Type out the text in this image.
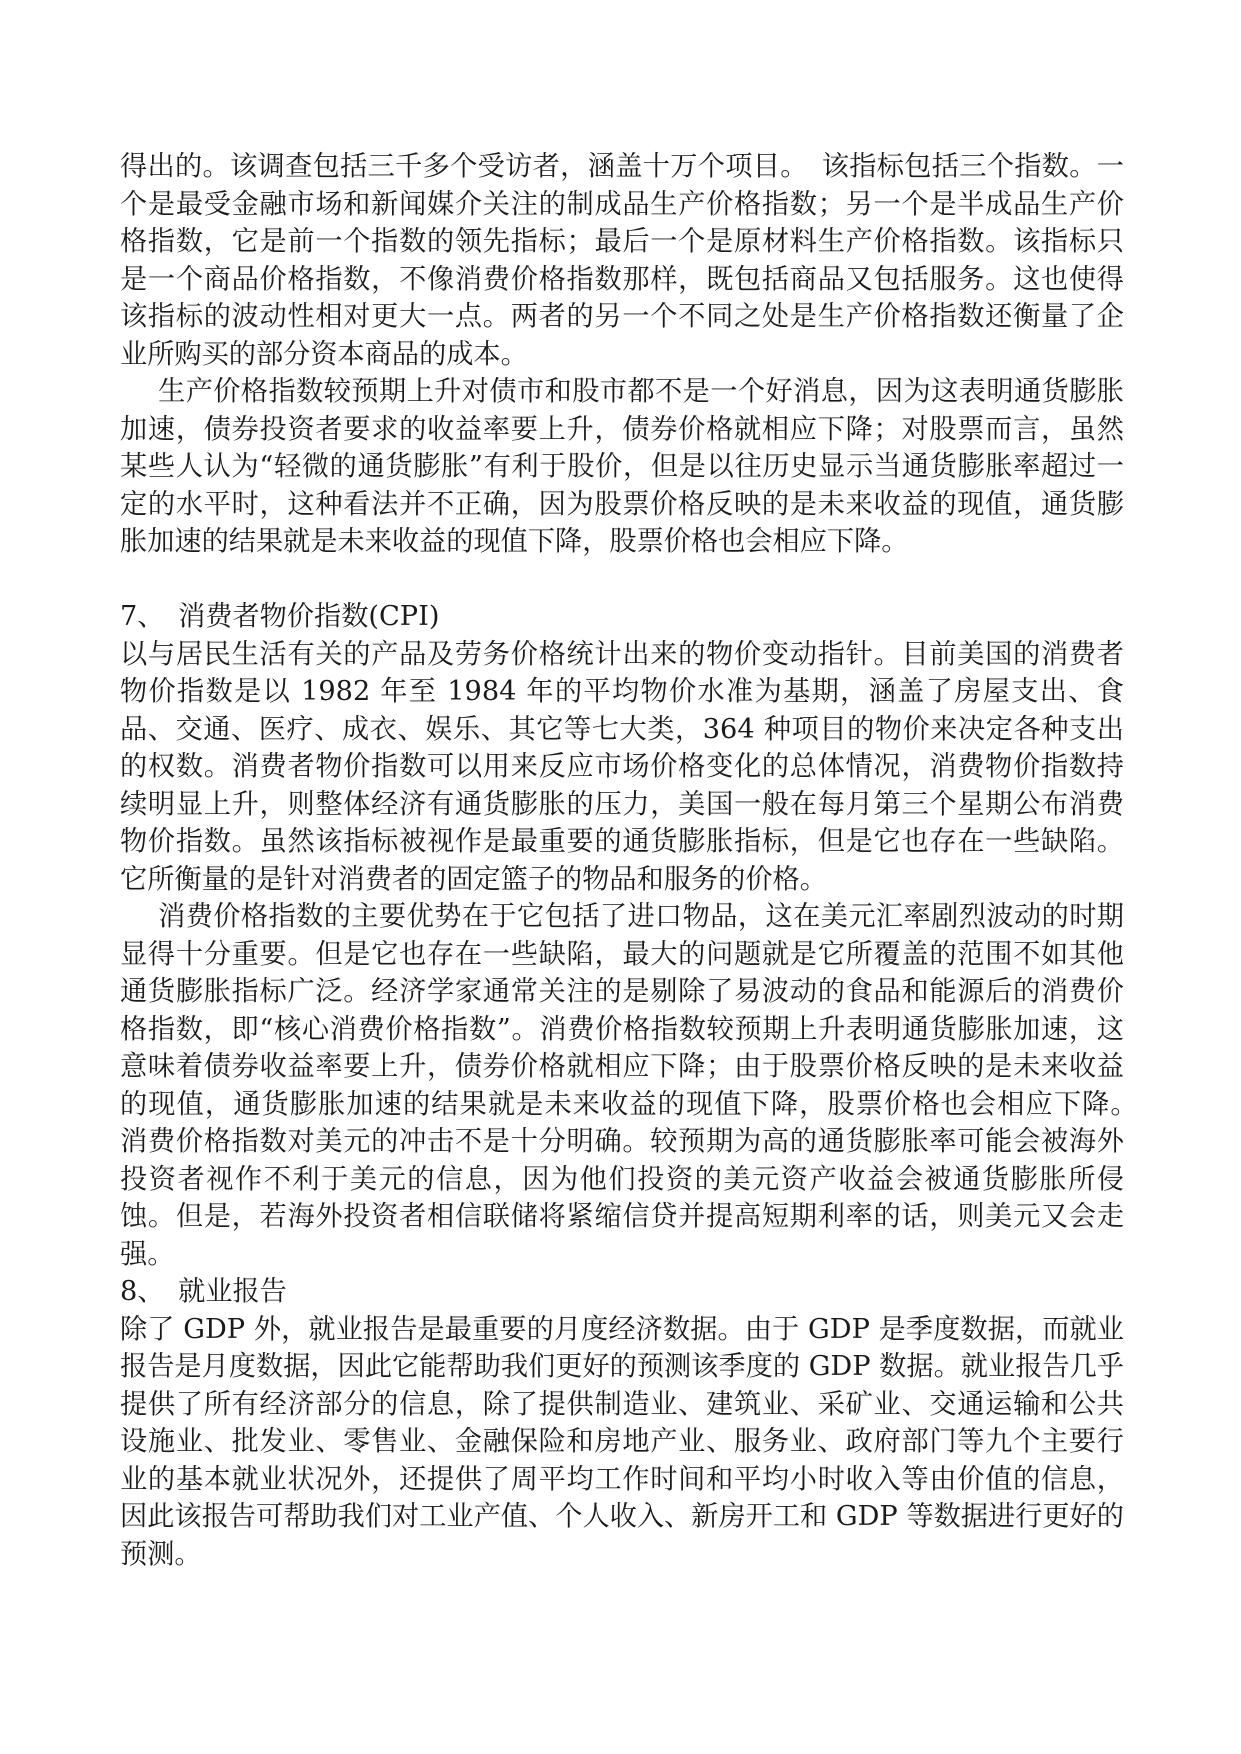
得出的。该调查包括三千多个受访者，涵盖十万个项目。　该指标包括三个指数。一个是最受金融市场和新闻媒介关注的制成品生产价格指数；另一个是半成品生产价格指数，它是前一个指数的领先指标；最后一个是原材料生产价格指数。该指标只是一个商品价格指数，不像消费价格指数那样，既包括商品又包括服务。这也使得该指标的波动性相对更大一点。两者的另一个不同之处是生产价格指数还衡量了企业所购买的部分资本商品的成本。

生产价格指数较预期上升对债市和股市都不是一个好消息，因为这表明通货膨胀加速，债券投资者要求的收益率要上升，债券价格就相应下降；对股票而言，虽然某些人认为“轻微的通货膨胀”有利于股价，但是以往历史显示当通货膨胀率超过一定的水平时，这种看法并不正确，因为股票价格反映的是未来收益的现值，通货膨胀加速的结果就是未来收益的现值下降，股票价格也会相应下降。

7、　消费者物价指数(CPI)

以与居民生活有关的产品及劳务价格统计出来的物价变动指针。目前美国的消费者物价指数是以 1982 年至 1984 年的平均物价水准为基期，涵盖了房屋支出、食品、交通、医疗、成衣、娱乐、其它等七大类，364 种项目的物价来决定各种支出的权数。消费者物价指数可以用来反应市场价格变化的总体情况，消费物价指数持续明显上升，则整体经济有通货膨胀的压力，美国一般在每月第三个星期公布消费物价指数。虽然该指标被视作是最重要的通货膨胀指标，但是它也存在一些缺陷。它所衡量的是针对消费者的固定篮子的物品和服务的价格。

消费价格指数的主要优势在于它包括了进口物品，这在美元汇率剧烈波动的时期显得十分重要。但是它也存在一些缺陷，最大的问题就是它所覆盖的范围不如其他通货膨胀指标广泛。经济学家通常关注的是剔除了易波动的食品和能源后的消费价格指数，即“核心消费价格指数”。消费价格指数较预期上升表明通货膨胀加速，这意味着债券收益率要上升，债券价格就相应下降；由于股票价格反映的是未来收益的现值，通货膨胀加速的结果就是未来收益的现值下降，股票价格也会相应下降。　消费价格指数对美元的冲击不是十分明确。较预期为高的通货膨胀率可能会被海外投资者视作不利于美元的信息，因为他们投资的美元资产收益会被通货膨胀所侵蚀。但是，若海外投资者相信联储将紧缩信贷并提高短期利率的话，则美元又会走强。

8、　就业报告

除了 GDP 外，就业报告是最重要的月度经济数据。由于 GDP 是季度数据，而就业报告是月度数据，因此它能帮助我们更好的预测该季度的 GDP 数据。就业报告几乎提供了所有经济部分的信息，除了提供制造业、建筑业、采矿业、交通运输和公共设施业、批发业、零售业、金融保险和房地产业、服务业、政府部门等九个主要行业的基本就业状况外，还提供了周平均工作时间和平均小时收入等由价值的信息，因此该报告可帮助我们对工业产值、个人收入、新房开工和 GDP 等数据进行更好的预测。
